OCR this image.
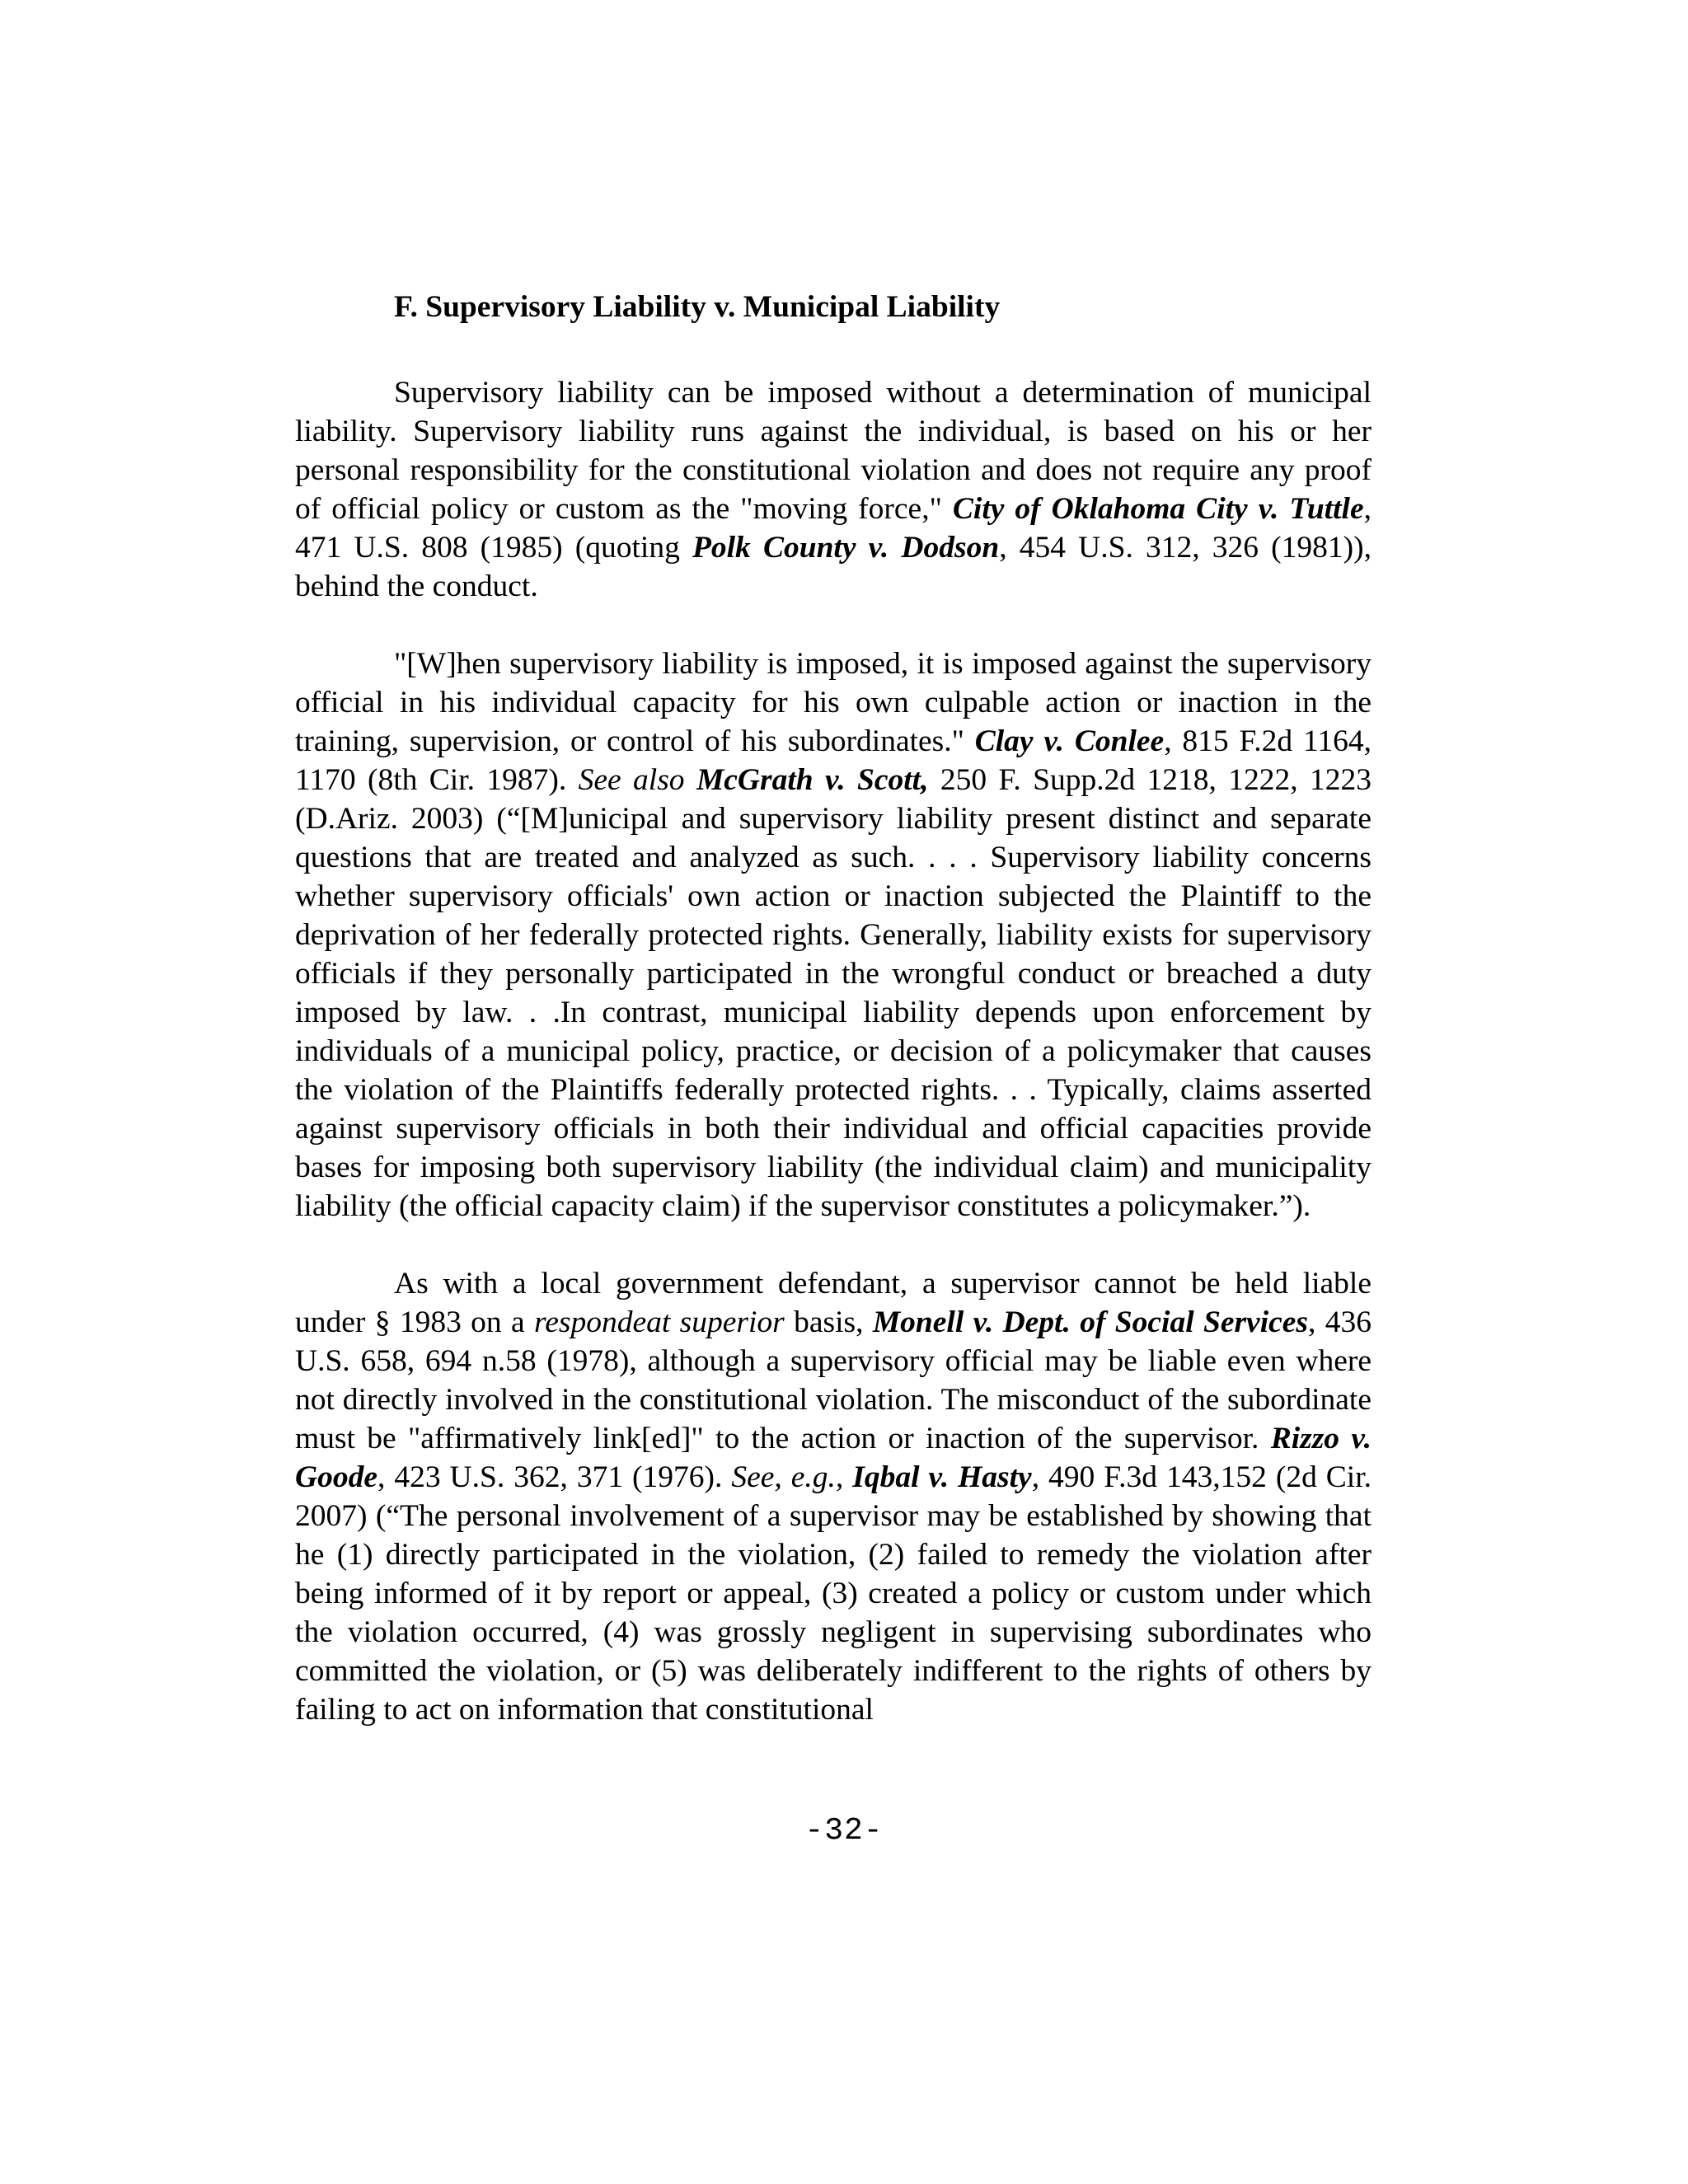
F. Supervisory Liability v. Municipal Liability

Supervisory liability can be imposed without a determination of municipal liability. Supervisory liability runs against the individual, is based on his or her personal responsibility for the constitutional violation and does not require any proof of official policy or custom as the "moving force," City of Oklahoma City v. Tuttle, 471 U.S. 808 (1985) (quoting Polk County v. Dodson, 454 U.S. 312, 326 (1981)), behind the conduct.

"[W]hen supervisory liability is imposed, it is imposed against the supervisory official in his individual capacity for his own culpable action or inaction in the training, supervision, or control of his subordinates." Clay v. Conlee, 815 F.2d 1164, 1170 (8th Cir. 1987). See also McGrath v. Scott, 250 F. Supp.2d 1218, 1222, 1223 (D.Ariz. 2003) (“[M]unicipal and supervisory liability present distinct and separate questions that are treated and analyzed as such. . . . Supervisory liability concerns whether supervisory officials' own action or inaction subjected the Plaintiff to the deprivation of her federally protected rights. Generally, liability exists for supervisory officials if they personally participated in the wrongful conduct or breached a duty imposed by law. . .In contrast, municipal liability depends upon enforcement by individuals of a municipal policy, practice, or decision of a policymaker that causes the violation of the Plaintiffs federally protected rights. . . Typically, claims asserted against supervisory officials in both their individual and official capacities provide bases for imposing both supervisory liability (the individual claim) and municipality liability (the official capacity claim) if the supervisor constitutes a policymaker.”).

As with a local government defendant, a supervisor cannot be held liable under § 1983 on a respondeat superior basis, Monell v. Dept. of Social Services, 436 U.S. 658, 694 n.58 (1978), although a supervisory official may be liable even where not directly involved in the constitutional violation. The misconduct of the subordinate must be "affirmatively link[ed]" to the action or inaction of the supervisor. Rizzo v. Goode, 423 U.S. 362, 371 (1976). See, e.g., Iqbal v. Hasty, 490 F.3d 143,152 (2d Cir. 2007) (“The personal involvement of a supervisor may be established by showing that he (1) directly participated in the violation, (2) failed to remedy the violation after being informed of it by report or appeal, (3) created a policy or custom under which the violation occurred, (4) was grossly negligent in supervising subordinates who committed the violation, or (5) was deliberately indifferent to the rights of others by failing to act on information that constitutional

-32-
